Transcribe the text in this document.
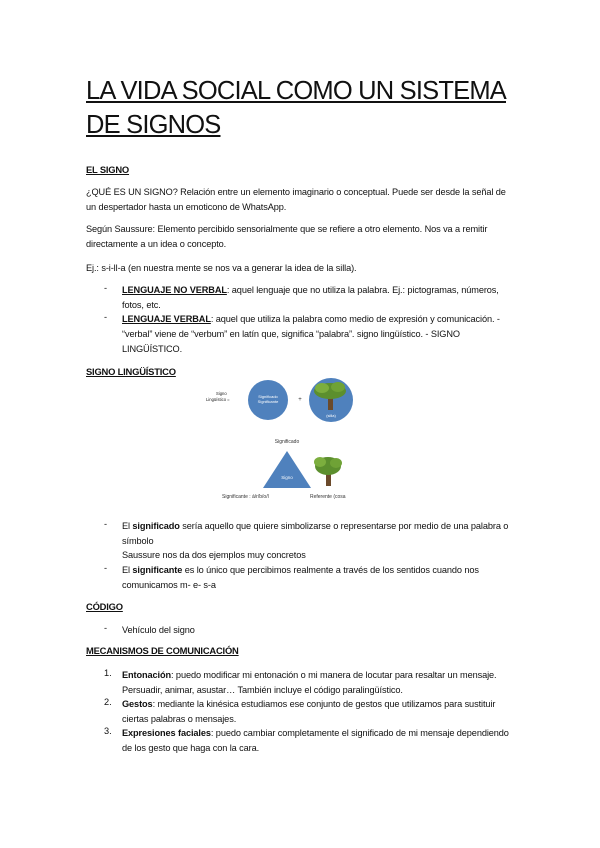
LA VIDA SOCIAL COMO UN SISTEMA DE SIGNOS
EL SIGNO

¿QUÉ ES UN SIGNO? Relación entre un elemento imaginario o conceptual. Puede ser desde la señal de un despertador hasta un emoticono de WhatsApp.

Según Saussure: Elemento percibido sensorialmente que se refiere a otro elemento. Nos va a remitir directamente a un idea o concepto.

Ej.: s-i-ll-a (en nuestra mente se nos va a generar la idea de la silla).

- LENGUAJE NO VERBAL: aquel lenguaje que no utiliza la palabra. Ej.: pictogramas, números, fotos, etc.
- LENGUAJE VERBAL: aquel que utiliza la palabra como medio de expresión y comunicación. - “verbal” viene de “verbum” en latín que, significa “palabra”. signo lingüístico. - SIGNO LINGÜÍSTICO.
SIGNO LINGÜÍSTICO
Signo Lingüístico =
Significado Significante	+
(silla)
Significado
Signo
Significante : á/r/b/o/l	Referente (cosa
- El significado sería aquello que quiere simbolizarse o representarse por medio de una palabra o símbolo
Saussure nos da dos ejemplos muy concretos
- El significante es lo único que percibimos realmente a través de los sentidos cuando nos comunicamos m- e- s-a
CÓDIGO
- Vehículo del signo
MECANISMOS DE COMUNICACIÓN
1. Entonación: puedo modificar mi entonación o mi manera de locutar para resaltar un mensaje. Persuadir, animar, asustar… También incluye el código paralingüístico.
2. Gestos: mediante la kinésica estudiamos ese conjunto de gestos que utilizamos para sustituir ciertas palabras o mensajes.
3. Expresiones faciales: puedo cambiar completamente el significado de mi mensaje dependiendo de los gesto que haga con la cara.
